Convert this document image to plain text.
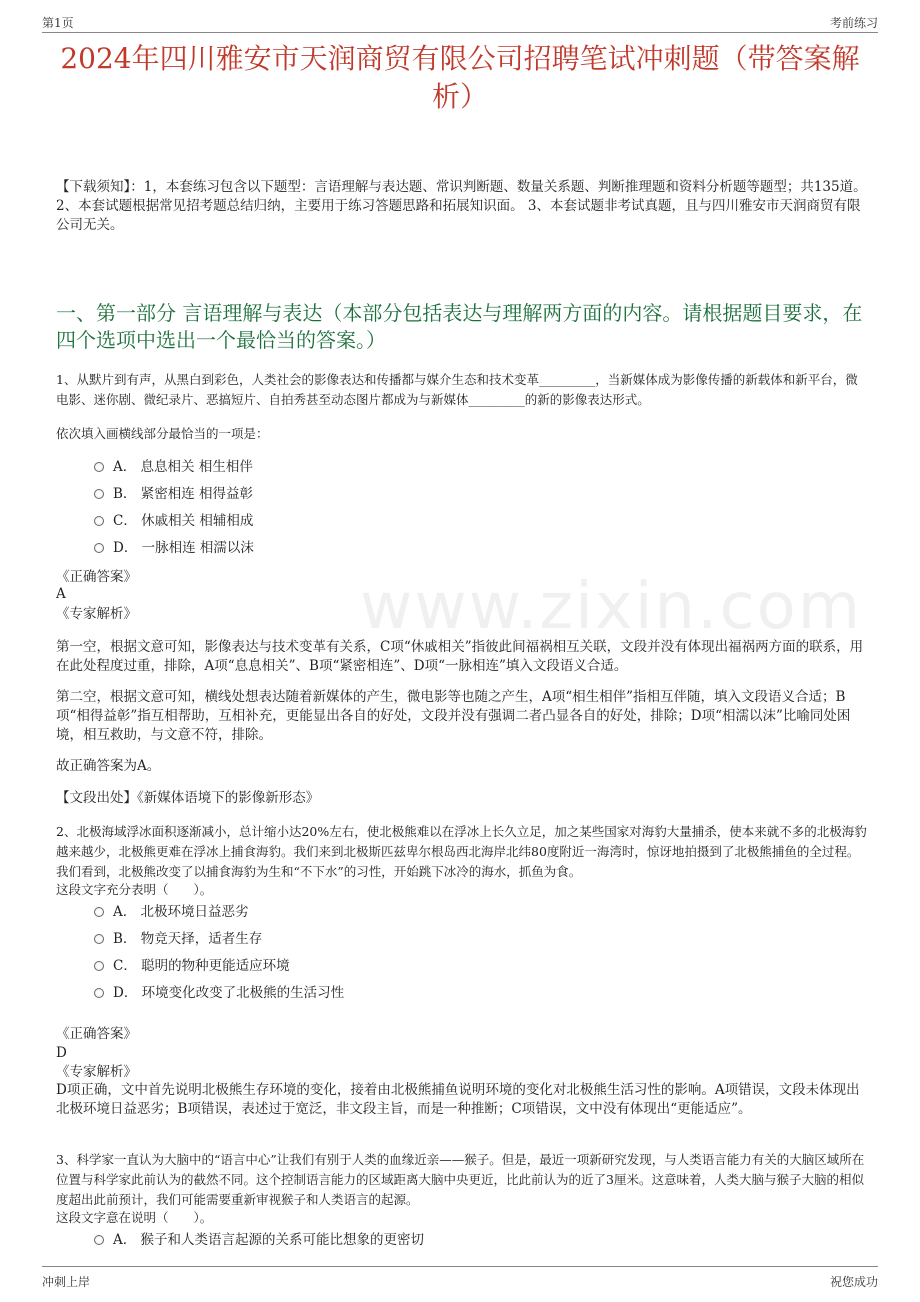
第1页	考前练习
2024年四川雅安市天润商贸有限公司招聘笔试冲刺题（带答案解析）
【下载须知】：1，本套练习包含以下题型：言语理解与表达题、常识判断题、数量关系题、判断推理题和资料分析题等题型；共135道。 2、本套试题根据常见招考题总结归纳，主要用于练习答题思路和拓展知识面。 3、本套试题非考试真题，且与四川雅安市天润商贸有限公司无关。
一、第一部分 言语理解与表达（本部分包括表达与理解两方面的内容。请根据题目要求，在四个选项中选出一个最恰当的答案。）
www.zixin.com
1、从默片到有声，从黑白到彩色，人类社会的影像表达和传播都与媒介生态和技术变革_________，当新媒体成为影像传播的新载体和新平台，微电影、迷你剧、微纪录片、恶搞短片、自拍秀甚至动态图片都成为与新媒体_________的新的影像表达形式。
依次填入画横线部分最恰当的一项是：
A． 息息相关 相生相伴
B． 紧密相连 相得益彰
C． 休戚相关 相辅相成
D． 一脉相连 相濡以沫
《正确答案》
A
《专家解析》
第一空，根据文意可知，影像表达与技术变革有关系，C项“休戚相关”指彼此间福祸相互关联，文段并没有体现出福祸两方面的联系，用在此处程度过重，排除，A项“息息相关”、B项“紧密相连”、D项“一脉相连”填入文段语义合适。
第二空，根据文意可知，横线处想表达随着新媒体的产生，微电影等也随之产生，A项“相生相伴”指相互伴随，填入文段语义合适；B项“相得益彰”指互相帮助，互相补充，更能显出各自的好处，文段并没有强调二者凸显各自的好处，排除；D项“相濡以沫”比喻同处困境，相互救助，与文意不符，排除。
故正确答案为A。
【文段出处】《新媒体语境下的影像新形态》
2、北极海域浮冰面积逐渐减小，总计缩小达20%左右，使北极熊难以在浮冰上长久立足，加之某些国家对海豹大量捕杀，使本来就不多的北极海豹越来越少，北极熊更难在浮冰上捕食海豹。我们来到北极斯匹兹卑尔根岛西北海岸北纬80度附近一海湾时，惊讶地拍摄到了北极熊捕鱼的全过程。我们看到，北极熊改变了以捕食海豹为生和“不下水”的习性，开始跳下冰冷的海水，抓鱼为食。
这段文字充分表明（　　）。
A． 北极环境日益恶劣
B． 物竞天择，适者生存
C． 聪明的物种更能适应环境
D． 环境变化改变了北极熊的生活习性
《正确答案》
D
《专家解析》
D项正确，文中首先说明北极熊生存环境的变化，接着由北极熊捕鱼说明环境的变化对北极熊生活习性的影响。A项错误，文段未体现出北极环境日益恶劣；B项错误，表述过于宽泛，非文段主旨，而是一种推断；C项错误，文中没有体现出“更能适应”。
3、科学家一直认为大脑中的“语言中心”让我们有别于人类的血缘近亲——猴子。但是，最近一项新研究发现，与人类语言能力有关的大脑区域所在位置与科学家此前认为的截然不同。这个控制语言能力的区域距离大脑中央更近，比此前认为的近了3厘米。这意味着，人类大脑与猴子大脑的相似度超出此前预计，我们可能需要重新审视猴子和人类语言的起源。
这段文字意在说明（　　）。
A． 猴子和人类语言起源的关系可能比想象的更密切
冲刺上岸	祝您成功
